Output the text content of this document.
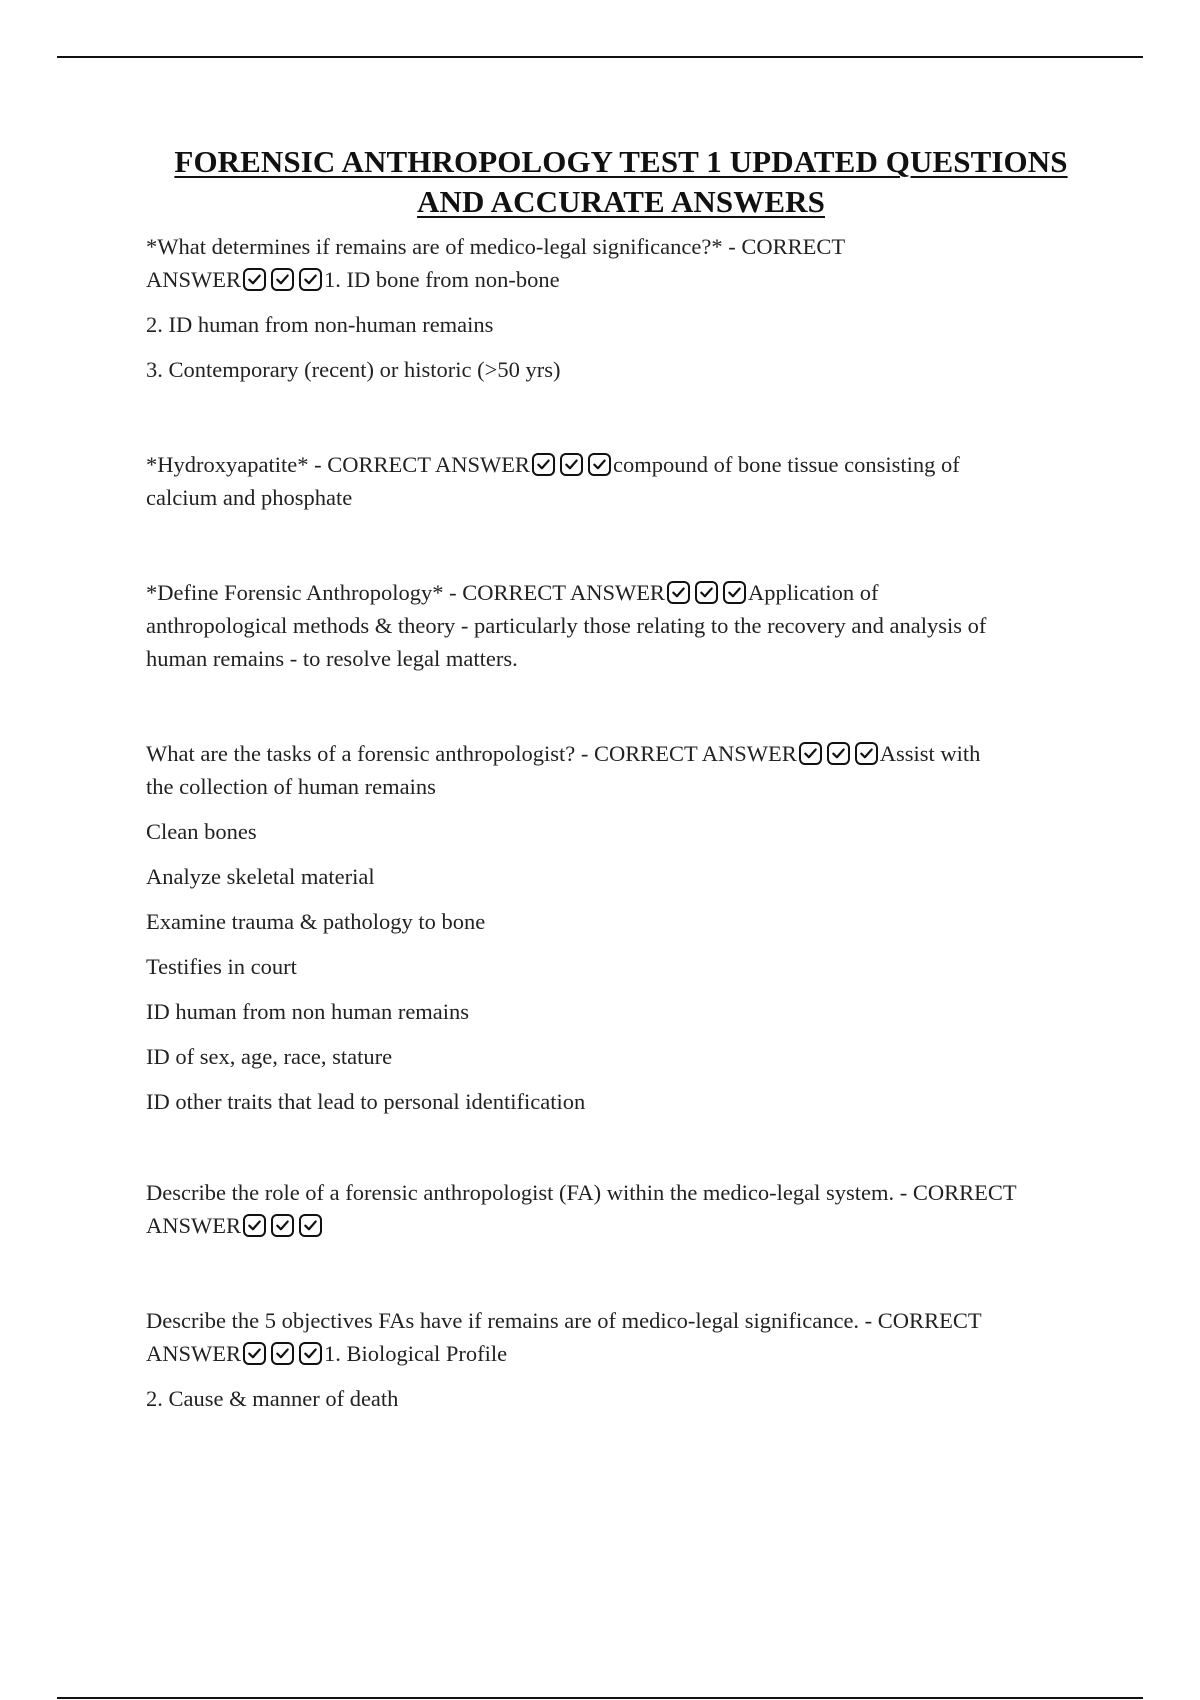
FORENSIC ANTHROPOLOGY TEST 1 UPDATED QUESTIONS
AND ACCURATE ANSWERS
*What determines if remains are of medico-legal significance?* - CORRECT
ANSWER	1. ID bone from non-bone
2. ID human from non-human remains
3. Contemporary (recent) or historic (>50 yrs)
*Hydroxyapatite* - CORRECT ANSWER	compound of bone tissue consisting of
calcium and phosphate
*Define Forensic Anthropology* - CORRECT ANSWER	Application of
anthropological methods & theory - particularly those relating to the recovery and analysis of
human remains - to resolve legal matters.
What are the tasks of a forensic anthropologist? - CORRECT ANSWER	Assist with
the collection of human remains
Clean bones
Analyze skeletal material
Examine trauma & pathology to bone
Testifies in court
ID human from non human remains
ID of sex, age, race, stature
ID other traits that lead to personal identification
Describe the role of a forensic anthropologist (FA) within the medico-legal system. - CORRECT
ANSWER
Describe the 5 objectives FAs have if remains are of medico-legal significance. - CORRECT
ANSWER	1. Biological Profile
2. Cause & manner of death
